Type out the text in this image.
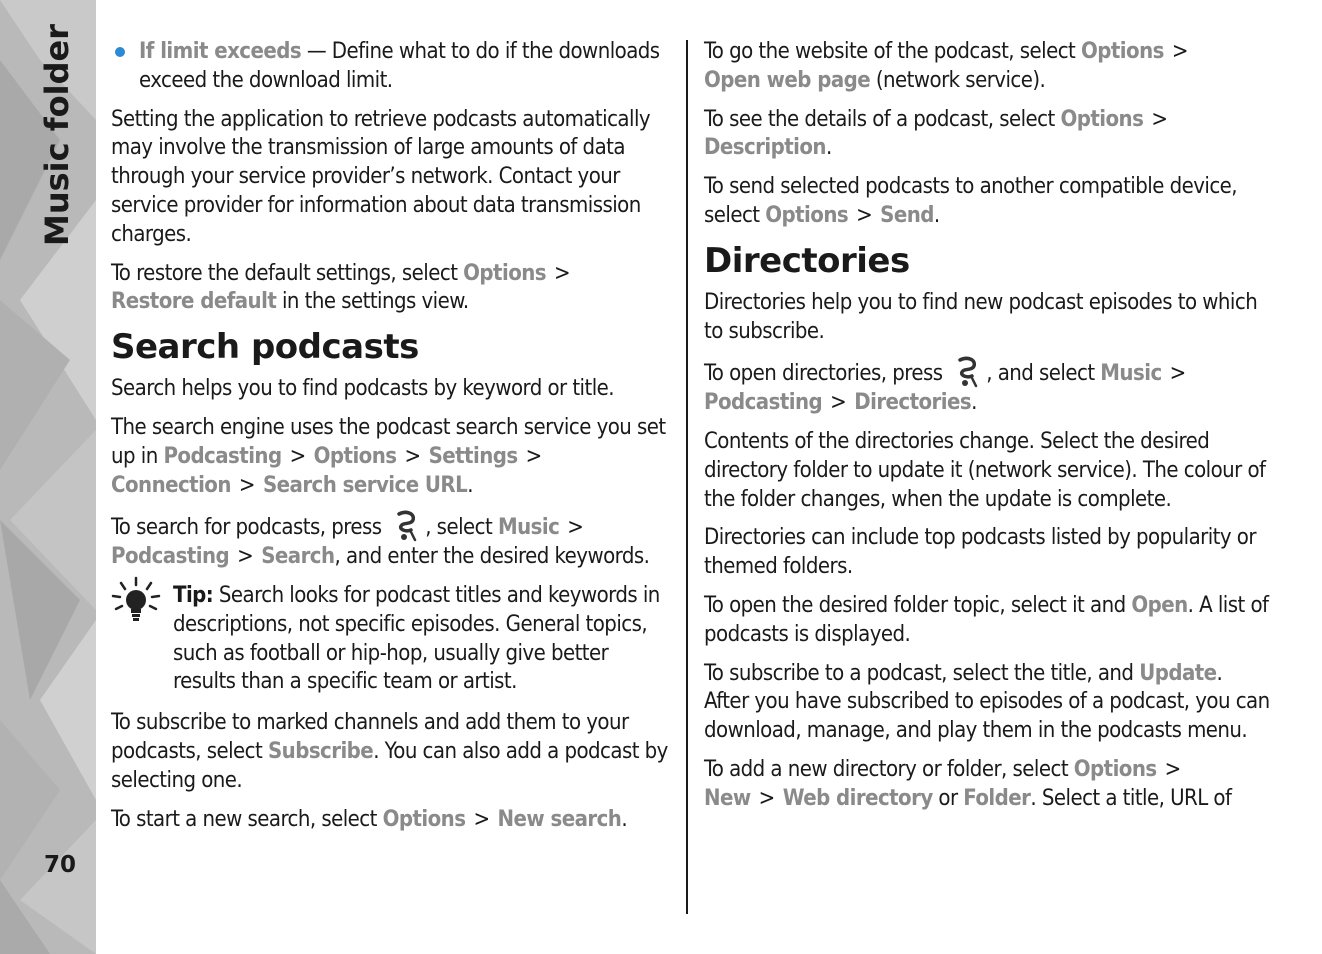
Music folder
70
If limit exceeds — Define what to do if the downloads exceed the download limit.

Setting the application to retrieve podcasts automatically may involve the transmission of large amounts of data through your service provider’s network. Contact your service provider for information about data transmission charges.

To restore the default settings, select Options >
Restore default in the settings view.

Search podcasts

Search helps you to find podcasts by keyword or title.

The search engine uses the podcast search service you set up in Podcasting > Options > Settings >
Connection > Search service URL.

To search for podcasts, press , select Music >
Podcasting > Search, and enter the desired keywords.

Tip: Search looks for podcast titles and keywords in descriptions, not specific episodes. General topics, such as football or hip-hop, usually give better results than a specific team or artist.

To subscribe to marked channels and add them to your podcasts, select Subscribe. You can also add a podcast by selecting one.

To start a new search, select Options > New search.

To go the website of the podcast, select Options >
Open web page (network service).

To see the details of a podcast, select Options >
Description.

To send selected podcasts to another compatible device, select Options > Send.

Directories

Directories help you to find new podcast episodes to which to subscribe.

To open directories, press , and select Music >
Podcasting > Directories.

Contents of the directories change. Select the desired directory folder to update it (network service). The colour of the folder changes, when the update is complete.

Directories can include top podcasts listed by popularity or themed folders.

To open the desired folder topic, select it and Open. A list of podcasts is displayed.

To subscribe to a podcast, select the title, and Update. After you have subscribed to episodes of a podcast, you can download, manage, and play them in the podcasts menu.

To add a new directory or folder, select Options >
New > Web directory or Folder. Select a title, URL of
